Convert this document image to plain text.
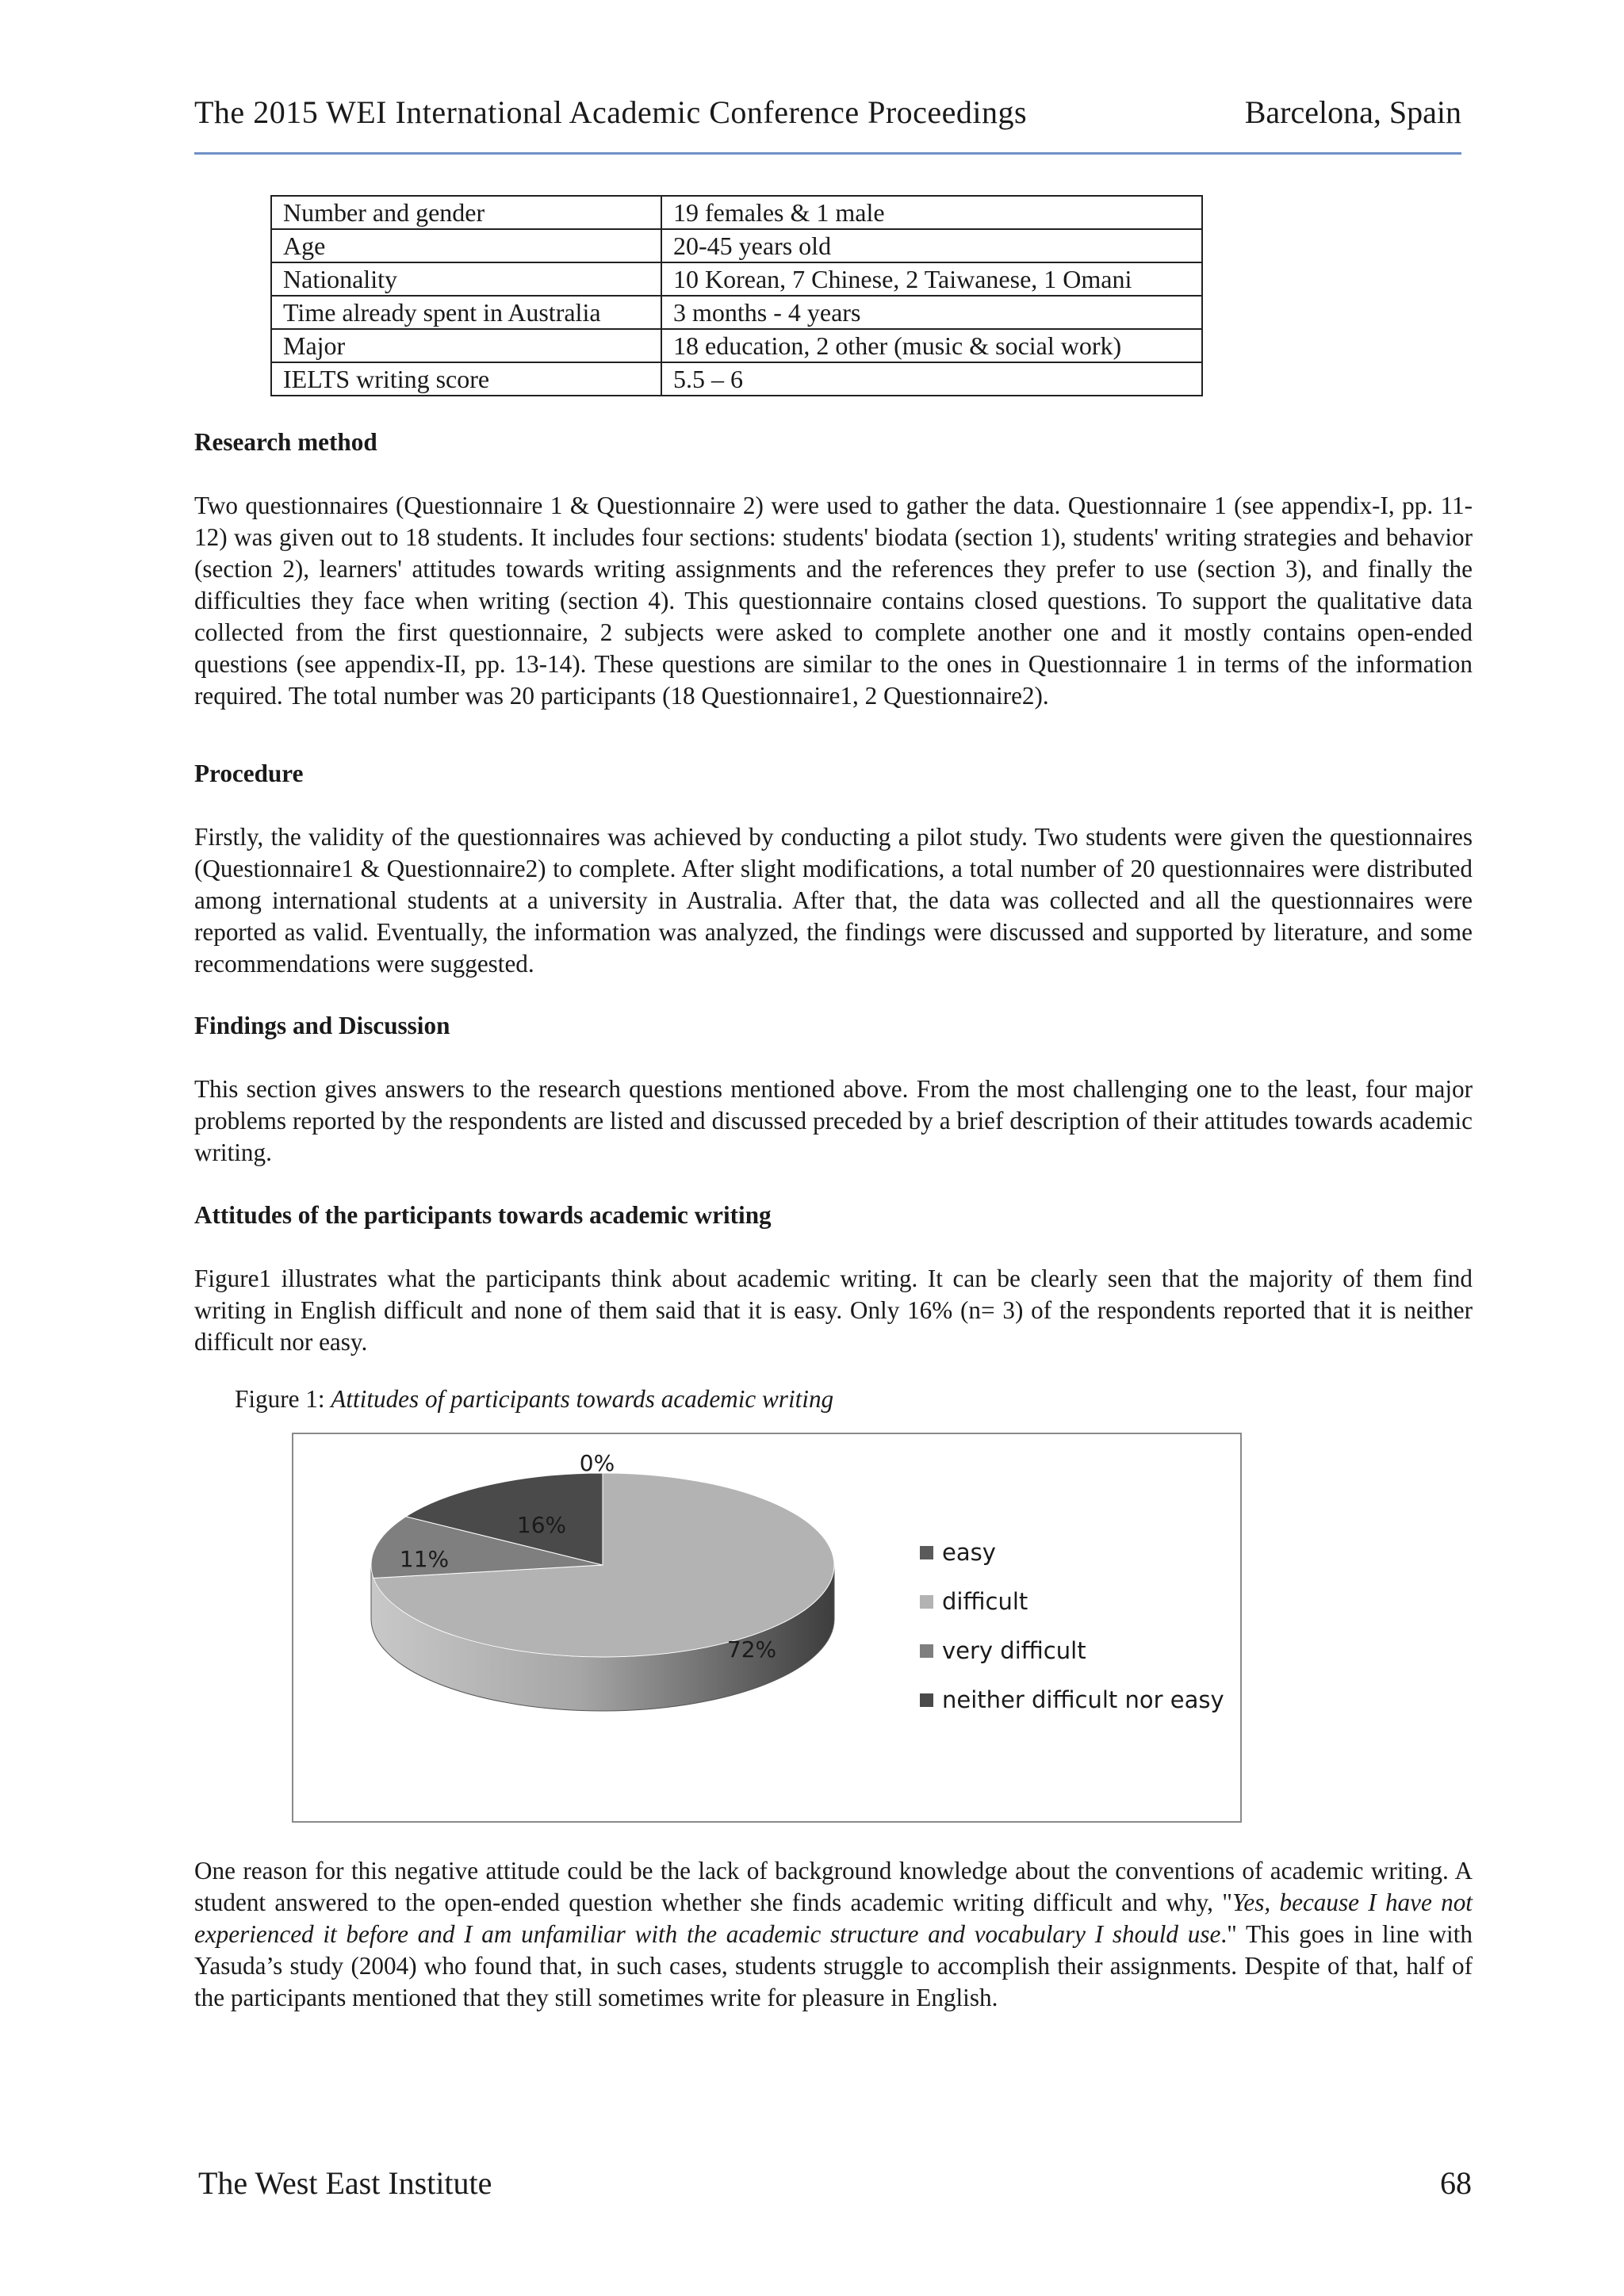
The 2015 WEI International Academic Conference Proceedings	Barcelona, Spain
Number and gender	19 females & 1 male
Age	20-45 years old
Nationality	10 Korean, 7 Chinese, 2 Taiwanese, 1 Omani
Time already spent in Australia	3 months - 4 years
Major	18 education, 2 other (music & social work)
IELTS writing score	5.5 – 6
Research method
Two questionnaires (Questionnaire 1 & Questionnaire 2) were used to gather the data. Questionnaire 1 (see appendix-I, pp. 11-12) was given out to 18 students. It includes four sections: students' biodata (section 1), students' writing strategies and behavior (section 2), learners' attitudes towards writing assignments and the references they prefer to use (section 3), and finally the difficulties they face when writing (section 4). This questionnaire contains closed questions. To support the qualitative data collected from the first questionnaire, 2 subjects were asked to complete another one and it mostly contains open-ended questions (see appendix-II, pp. 13-14). These questions are similar to the ones in Questionnaire 1 in terms of the information required. The total number was 20 participants (18 Questionnaire1, 2 Questionnaire2).
Procedure
Firstly, the validity of the questionnaires was achieved by conducting a pilot study. Two students were given the questionnaires (Questionnaire1 & Questionnaire2) to complete. After slight modifications, a total number of 20 questionnaires were distributed among international students at a university in Australia. After that, the data was collected and all the questionnaires were reported as valid. Eventually, the information was analyzed, the findings were discussed and supported by literature, and some recommendations were suggested.
Findings and Discussion
This section gives answers to the research questions mentioned above. From the most challenging one to the least, four major problems reported by the respondents are listed and discussed preceded by a brief description of their attitudes towards academic writing.
Attitudes of the participants towards academic writing
Figure1 illustrates what the participants think about academic writing. It can be clearly seen that the majority of them find writing in English difficult and none of them said that it is easy. Only 16% (n= 3) of the respondents reported that it is neither difficult nor easy.
Figure 1: Attitudes of participants towards academic writing
0%
72%
11%
16%
easy
difficult
very difficult
neither difficult nor easy
One reason for this negative attitude could be the lack of background knowledge about the conventions of academic writing. A student answered to the open-ended question whether she finds academic writing difficult and why, "Yes, because I have not experienced it before and I am unfamiliar with the academic structure and vocabulary I should use." This goes in line with Yasuda’s study (2004) who found that, in such cases, students struggle to accomplish their assignments. Despite of that, half of the participants mentioned that they still sometimes write for pleasure in English.
The West East Institute	68
